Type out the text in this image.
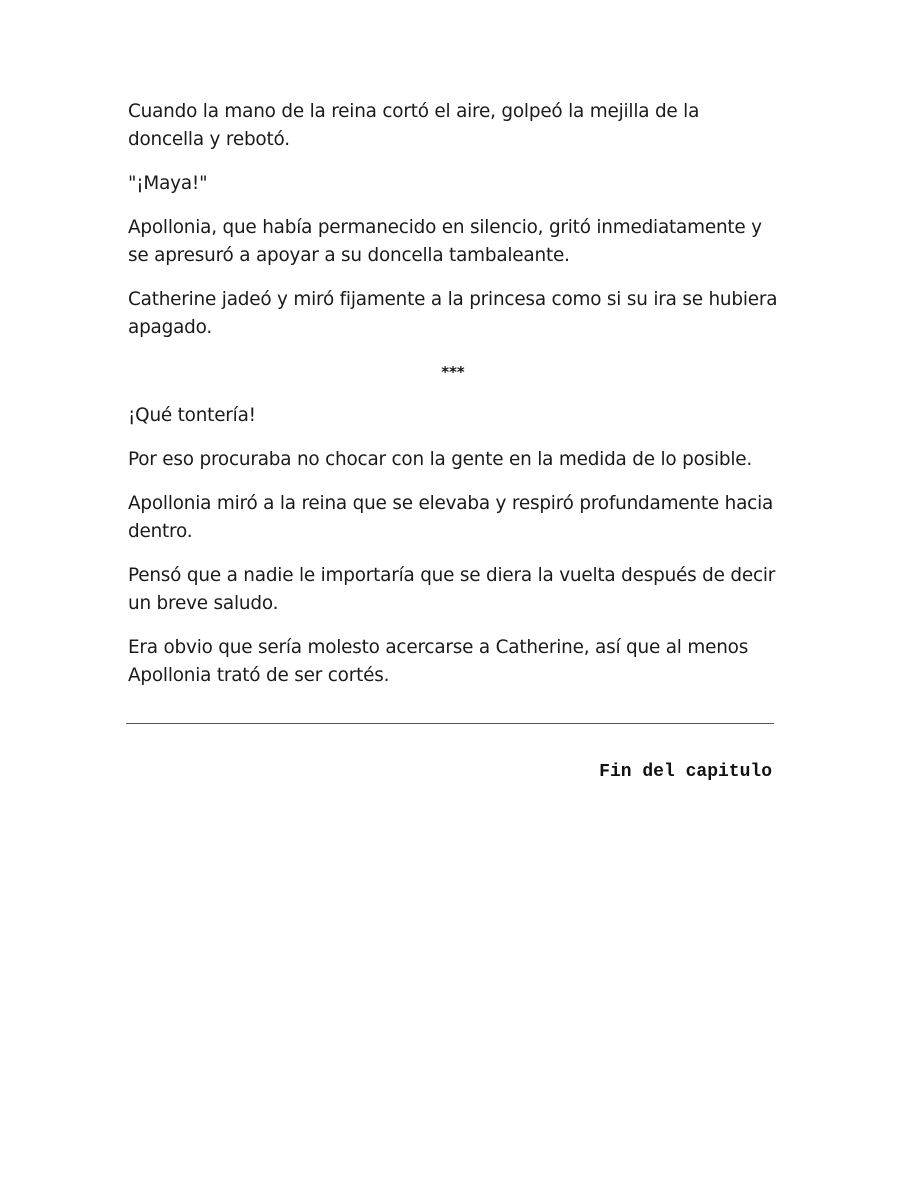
Cuando la mano de la reina cortó el aire, golpeó la mejilla de la doncella y rebotó.

"¡Maya!"

Apollonia, que había permanecido en silencio, gritó inmediatamente y se apresuró a apoyar a su doncella tambaleante.

Catherine jadeó y miró fijamente a la princesa como si su ira se hubiera apagado.

***

¡Qué tontería!

Por eso procuraba no chocar con la gente en la medida de lo posible.

Apollonia miró a la reina que se elevaba y respiró profundamente hacia dentro.

Pensó que a nadie le importaría que se diera la vuelta después de decir un breve saludo.

Era obvio que sería molesto acercarse a Catherine, así que al menos Apollonia trató de ser cortés.

Fin del capitulo
